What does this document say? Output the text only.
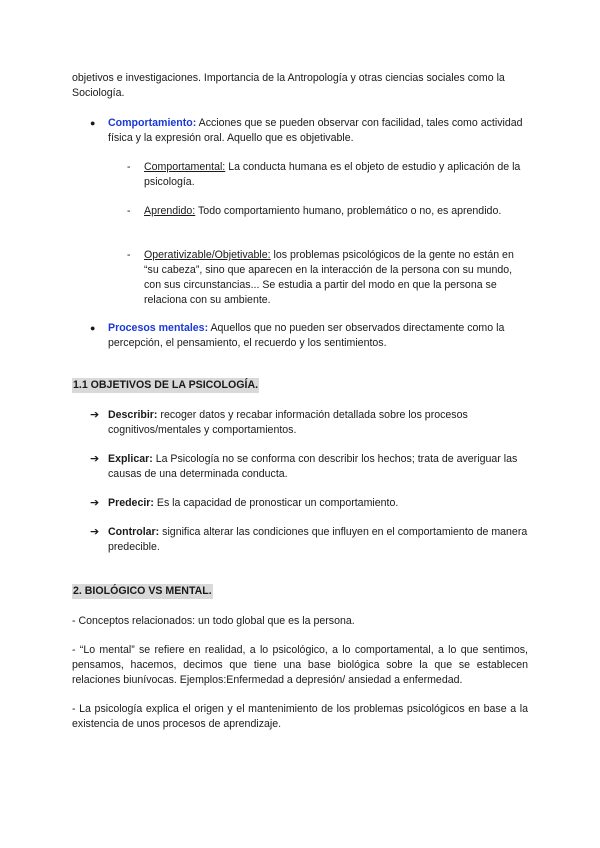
objetivos e investigaciones. Importancia de la Antropología y otras ciencias sociales como la Sociología.

● Comportamiento: Acciones que se pueden observar con facilidad, tales como actividad física y la expresión oral. Aquello que es objetivable.
- Comportamental: La conducta humana es el objeto de estudio y aplicación de la psicología.
- Aprendido: Todo comportamiento humano, problemático o no, es aprendido.
- Operativizable/Objetivable: los problemas psicológicos de la gente no están en “su cabeza”, sino que aparecen en la interacción de la persona con su mundo, con sus circunstancias... Se estudia a partir del modo en que la persona se relaciona con su ambiente.
● Procesos mentales: Aquellos que no pueden ser observados directamente como la percepción, el pensamiento, el recuerdo y los sentimientos.
1.1 OBJETIVOS DE LA PSICOLOGÍA.
➔ Describir: recoger datos y recabar información detallada sobre los procesos cognitivos/mentales y comportamientos.
➔ Explicar: La Psicología no se conforma con describir los hechos; trata de averiguar las causas de una determinada conducta.
➔ Predecir: Es la capacidad de pronosticar un comportamiento.
➔ Controlar: significa alterar las condiciones que influyen en el comportamiento de manera predecible.
2. BIOLÓGICO VS MENTAL.

- Conceptos relacionados: un todo global que es la persona.

- “Lo mental” se refiere en realidad, a lo psicológico, a lo comportamental, a lo que sentimos, pensamos, hacemos, decimos que tiene una base biológica sobre la que se establecen relaciones biunívocas. Ejemplos:Enfermedad a depresión/ ansiedad a enfermedad.

- La psicología explica el origen y el mantenimiento de los problemas psicológicos en base a la existencia de unos procesos de aprendizaje.
